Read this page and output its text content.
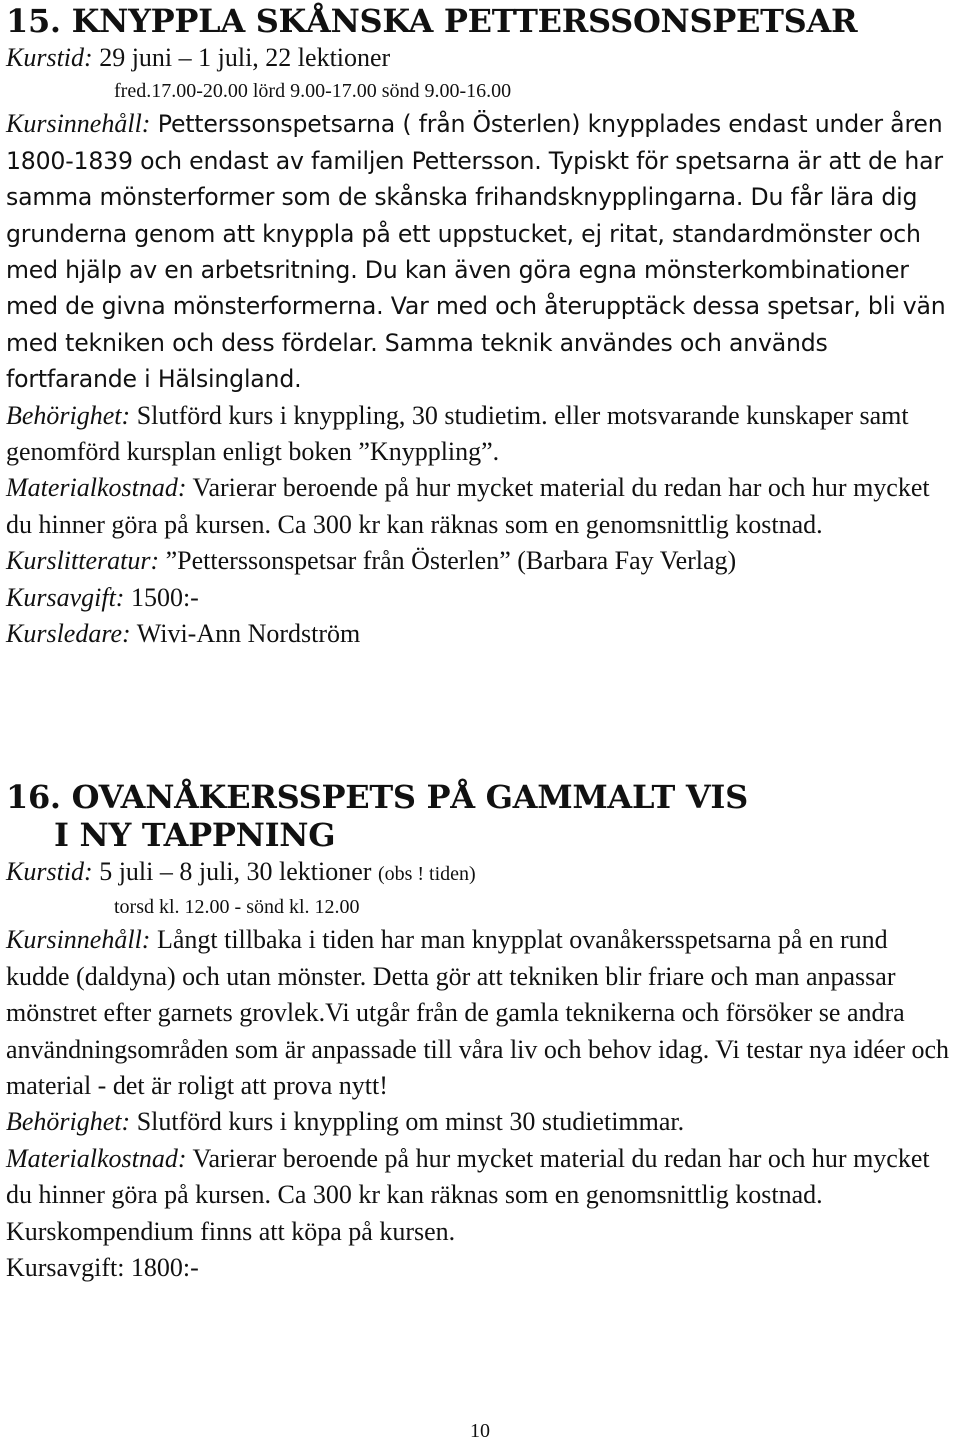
15. KNYPPLA SKÅNSKA PETTERSSONSPETSAR

Kurstid: 29 juni – 1 juli, 22 lektioner

fred.17.00-20.00 lörd 9.00-17.00 sönd 9.00-16.00

Kursinnehåll: Petterssonspetsarna ( från Österlen) knypplades endast under åren 1800-1839 och endast av familjen Pettersson. Typiskt för spetsarna är att de har samma mönsterformer som de skånska frihandsknypplingarna. Du får lära dig grunderna genom att knyppla på ett uppstucket, ej ritat, standardmönster och med hjälp av en arbetsritning. Du kan även göra egna mönsterkombinationer med de givna mönsterformerna. Var med och återupptäck dessa spetsar, bli vän med tekniken och dess fördelar. Samma teknik användes och används fortfarande i Hälsingland.

Behörighet: Slutförd kurs i knyppling, 30 studietim. eller motsvarande kunskaper samt genomförd kursplan enligt boken ”Knyppling”.

Materialkostnad: Varierar beroende på hur mycket material du redan har och hur mycket du hinner göra på kursen. Ca 300 kr kan räknas som en genomsnittlig kostnad.

Kurslitteratur: ”Petterssonspetsar från Österlen” (Barbara Fay Verlag)

Kursavgift: 1500:-

Kursledare: Wivi-Ann Nordström

16. OVANÅKERSSPETS PÅ GAMMALT VIS
I NY TAPPNING

Kurstid: 5 juli – 8 juli, 30 lektioner (obs ! tiden)

torsd kl. 12.00 - sönd kl. 12.00

Kursinnehåll: Långt tillbaka i tiden har man knypplat ovanåkersspetsarna på en rund kudde (daldyna) och utan mönster. Detta gör att tekniken blir friare och man anpassar mönstret efter garnets grovlek.Vi utgår från de gamla teknikerna och försöker se andra användningsområden som är anpassade till våra liv och behov idag. Vi testar nya idéer och material - det är roligt att prova nytt!

Behörighet: Slutförd kurs i knyppling om minst 30 studietimmar.

Materialkostnad: Varierar beroende på hur mycket material du redan har och hur mycket du hinner göra på kursen. Ca 300 kr kan räknas som en genomsnittlig kostnad.

Kurskompendium finns att köpa på kursen.

Kursavgift: 1800:-

10
